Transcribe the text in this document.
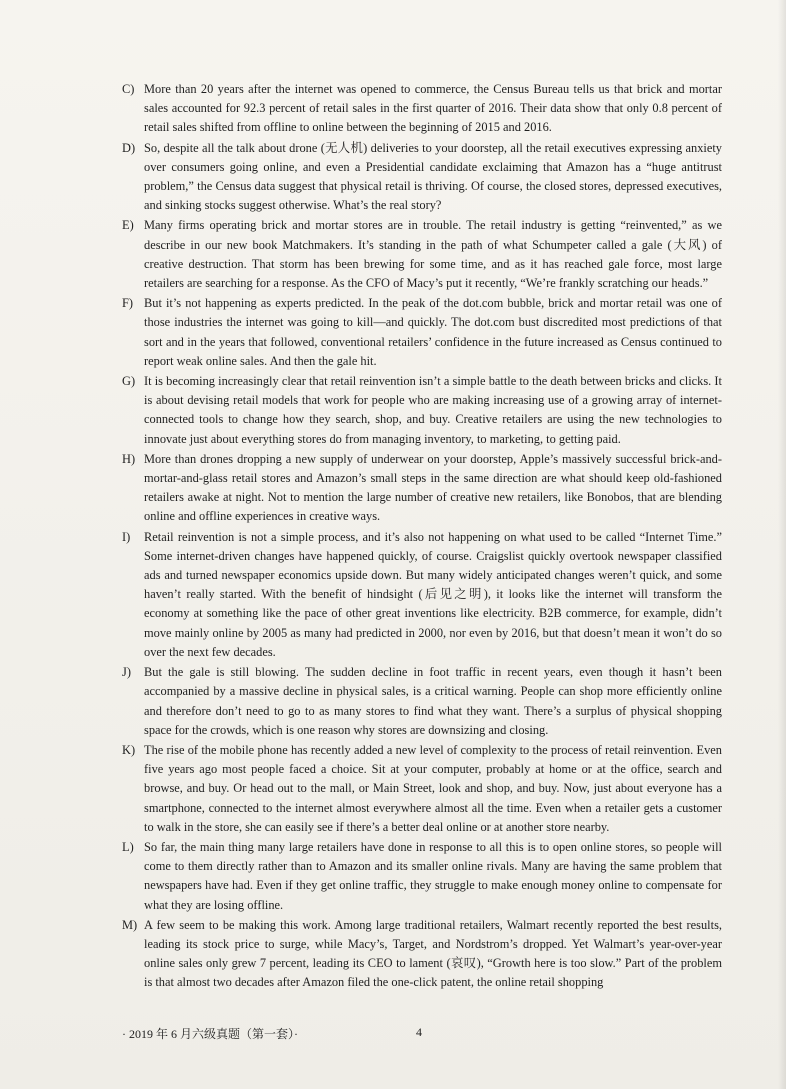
C) More than 20 years after the internet was opened to commerce, the Census Bureau tells us that brick and mortar sales accounted for 92.3 percent of retail sales in the first quarter of 2016. Their data show that only 0.8 percent of retail sales shifted from offline to online between the beginning of 2015 and 2016.

D) So, despite all the talk about drone (无人机) deliveries to your doorstep, all the retail executives expressing anxiety over consumers going online, and even a Presidential candidate exclaiming that Amazon has a “huge antitrust problem,” the Census data suggest that physical retail is thriving. Of course, the closed stores, depressed executives, and sinking stocks suggest otherwise. What’s the real story?

E) Many firms operating brick and mortar stores are in trouble. The retail industry is getting “reinvented,” as we describe in our new book Matchmakers. It’s standing in the path of what Schumpeter called a gale (大风) of creative destruction. That storm has been brewing for some time, and as it has reached gale force, most large retailers are searching for a response. As the CFO of Macy’s put it recently, “We’re frankly scratching our heads.”

F) But it’s not happening as experts predicted. In the peak of the dot.com bubble, brick and mortar retail was one of those industries the internet was going to kill—and quickly. The dot.com bust discredited most predictions of that sort and in the years that followed, conventional retailers’ confidence in the future increased as Census continued to report weak online sales. And then the gale hit.

G) It is becoming increasingly clear that retail reinvention isn’t a simple battle to the death between bricks and clicks. It is about devising retail models that work for people who are making increasing use of a growing array of internet-connected tools to change how they search, shop, and buy. Creative retailers are using the new technologies to innovate just about everything stores do from managing inventory, to marketing, to getting paid.

H) More than drones dropping a new supply of underwear on your doorstep, Apple’s massively successful brick-and-mortar-and-glass retail stores and Amazon’s small steps in the same direction are what should keep old-fashioned retailers awake at night. Not to mention the large number of creative new retailers, like Bonobos, that are blending online and offline experiences in creative ways.

I) Retail reinvention is not a simple process, and it’s also not happening on what used to be called “Internet Time.” Some internet-driven changes have happened quickly, of course. Craigslist quickly overtook newspaper classified ads and turned newspaper economics upside down. But many widely anticipated changes weren’t quick, and some haven’t really started. With the benefit of hindsight (后见之明), it looks like the internet will transform the economy at something like the pace of other great inventions like electricity. B2B commerce, for example, didn’t move mainly online by 2005 as many had predicted in 2000, nor even by 2016, but that doesn’t mean it won’t do so over the next few decades.

J) But the gale is still blowing. The sudden decline in foot traffic in recent years, even though it hasn’t been accompanied by a massive decline in physical sales, is a critical warning. People can shop more efficiently online and therefore don’t need to go to as many stores to find what they want. There’s a surplus of physical shopping space for the crowds, which is one reason why stores are downsizing and closing.

K) The rise of the mobile phone has recently added a new level of complexity to the process of retail reinvention. Even five years ago most people faced a choice. Sit at your computer, probably at home or at the office, search and browse, and buy. Or head out to the mall, or Main Street, look and shop, and buy. Now, just about everyone has a smartphone, connected to the internet almost everywhere almost all the time. Even when a retailer gets a customer to walk in the store, she can easily see if there’s a better deal online or at another store nearby.

L) So far, the main thing many large retailers have done in response to all this is to open online stores, so people will come to them directly rather than to Amazon and its smaller online rivals. Many are having the same problem that newspapers have had. Even if they get online traffic, they struggle to make enough money online to compensate for what they are losing offline.

M) A few seem to be making this work. Among large traditional retailers, Walmart recently reported the best results, leading its stock price to surge, while Macy’s, Target, and Nordstrom’s dropped. Yet Walmart’s year-over-year online sales only grew 7 percent, leading its CEO to lament (哀叹), “Growth here is too slow.” Part of the problem is that almost two decades after Amazon filed the one-click patent, the online retail shopping

· 2019 年 6 月六级真题（第一套）·	4
